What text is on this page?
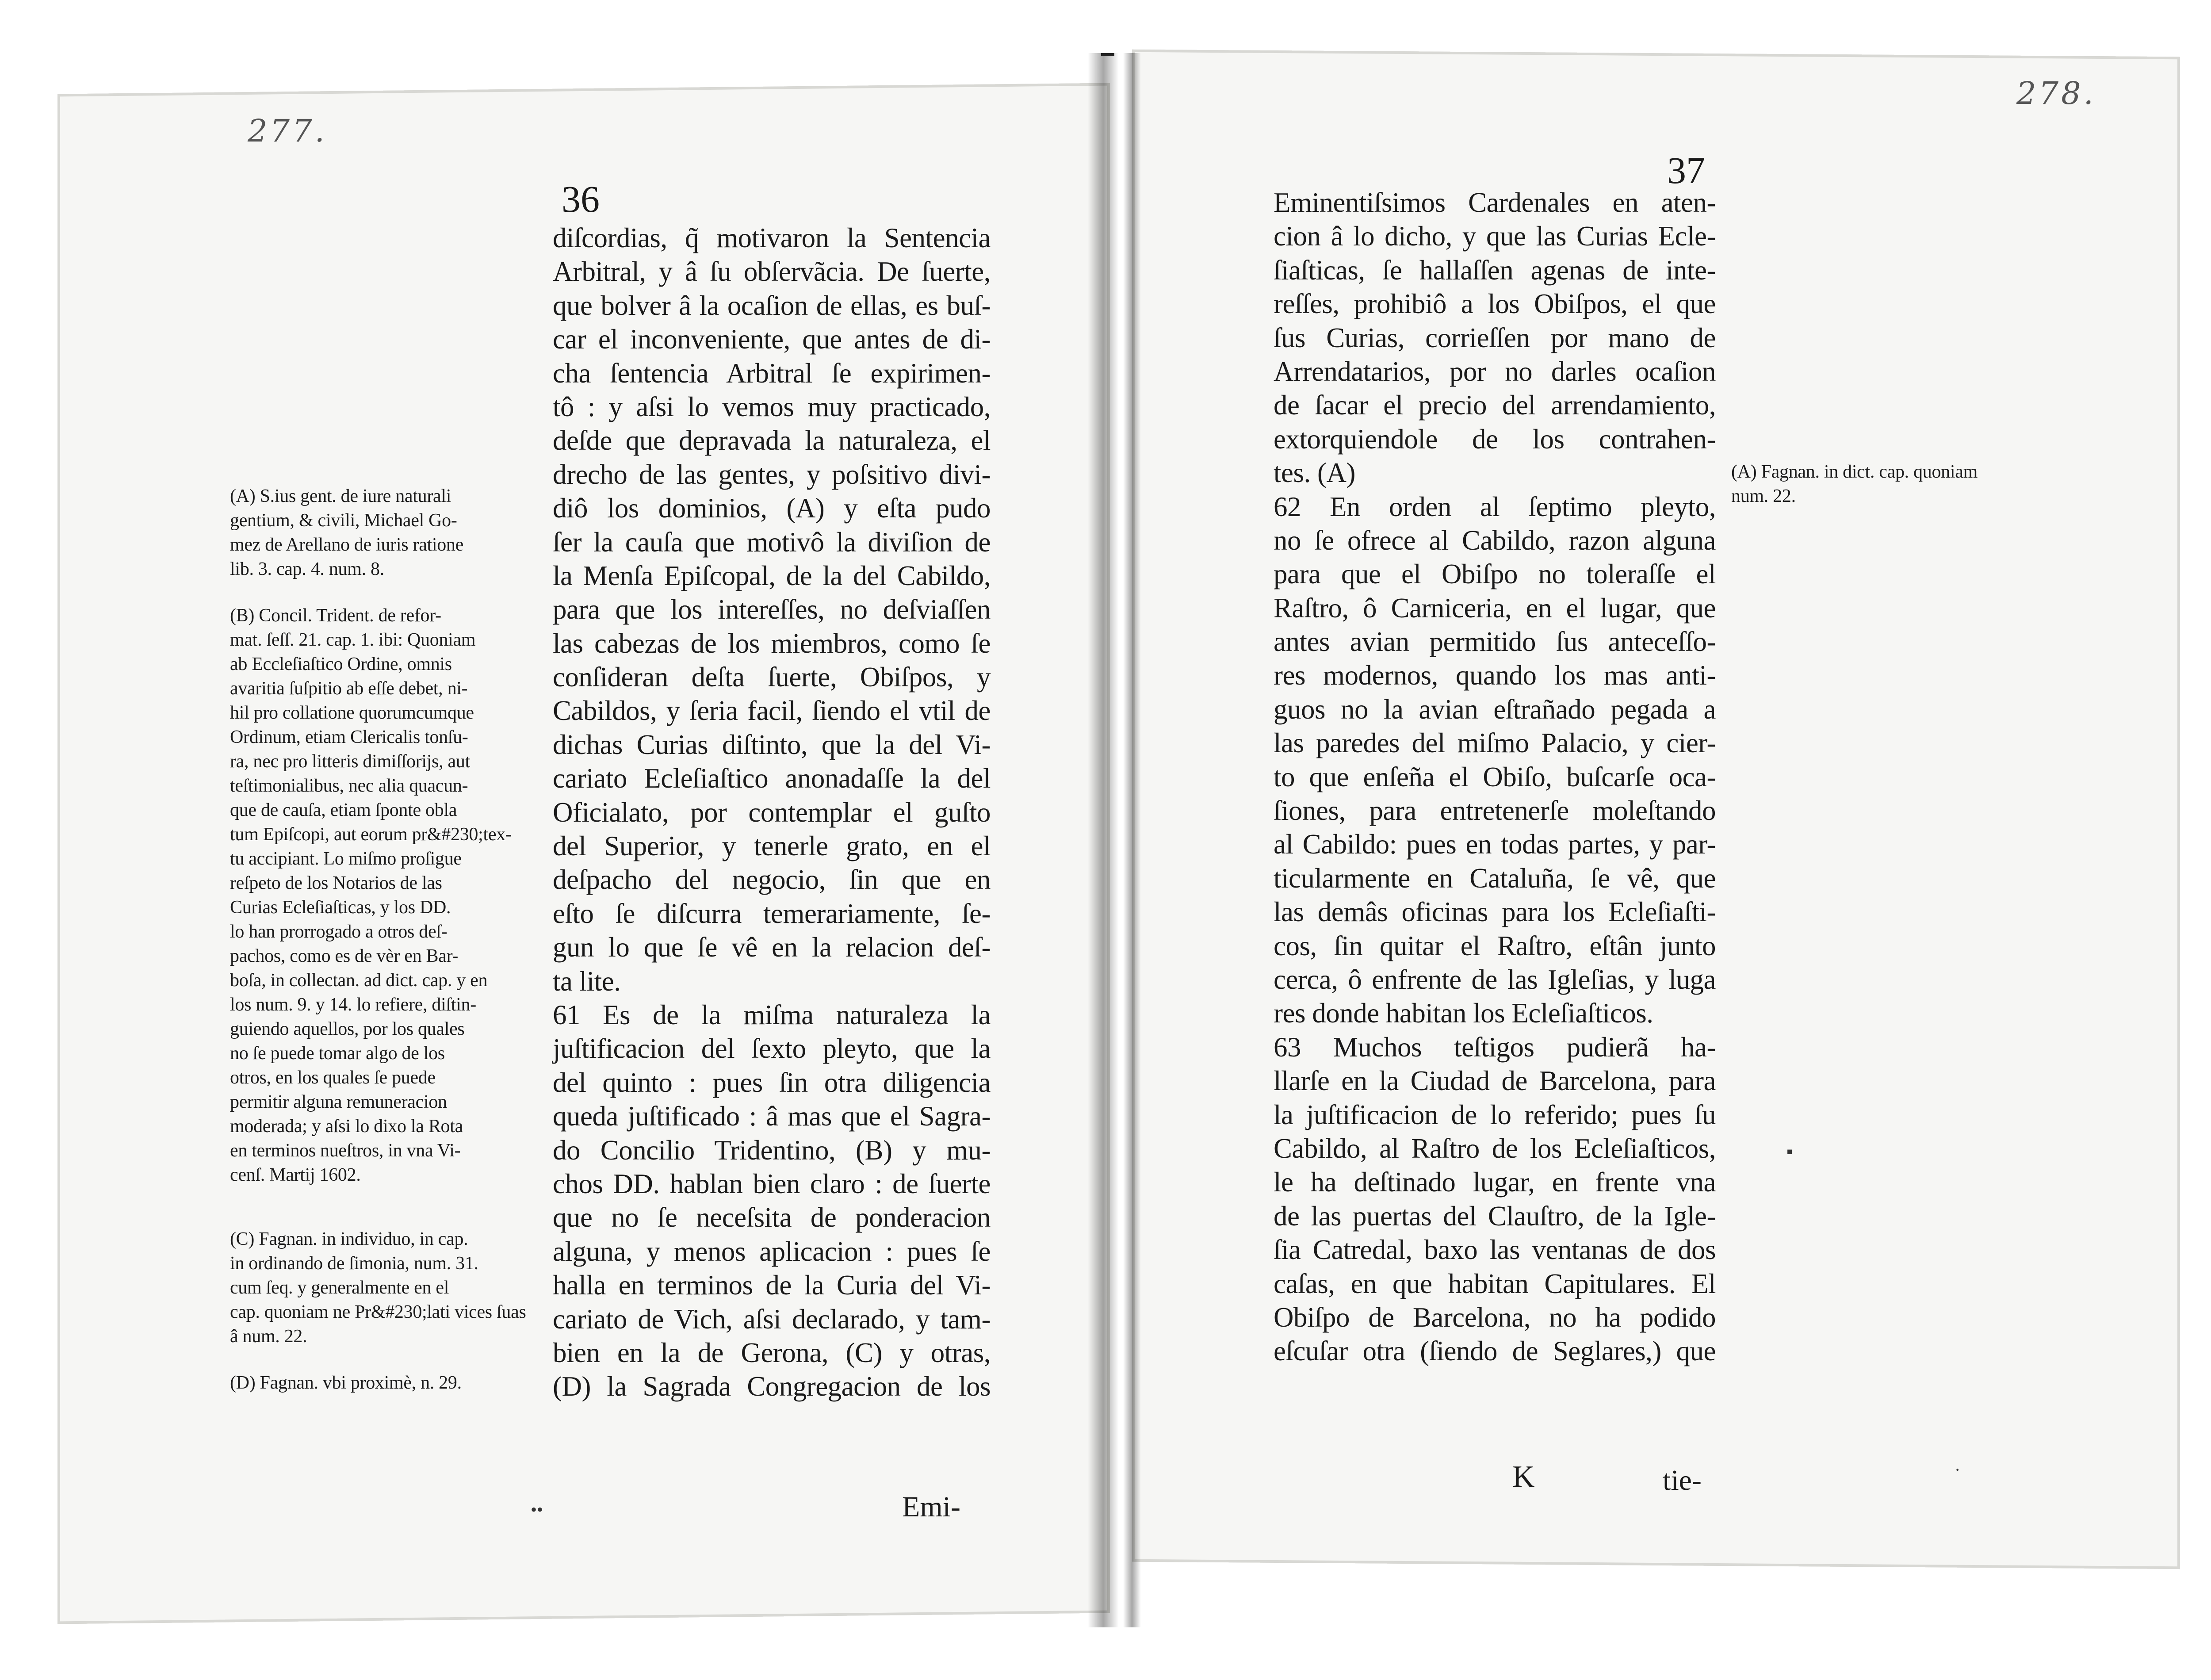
277.
36
diſcordias, q̃ motivaron la Sentencia
Arbitral, y â ſu obſervãcia. De ſuerte,
que bolver â la ocaſion de ellas, es buſ-
car el inconveniente, que antes de di-
cha ſentencia Arbitral ſe expirimen-
tô : y aſsi lo vemos muy practicado,
deſde que depravada la naturaleza, el
drecho de las gentes, y poſsitivo divi-
diô los dominios, (A) y eſta pudo
ſer la cauſa que motivô la diviſion de
la Menſa Epiſcopal, de la del Cabildo,
para que los intereſſes, no deſviaſſen
las cabezas de los miembros, como ſe
conſideran deſta ſuerte, Obiſpos, y
Cabildos, y ſeria facil, ſiendo el vtil de
dichas Curias diſtinto, que la del Vi-
cariato Ecleſiaſtico anonadaſſe la del
Oficialato, por contemplar el guſto
del Superior, y tenerle grato, en el
deſpacho del negocio, ſin que en
eſto ſe diſcurra temerariamente, ſe-
gun lo que ſe vê en la relacion deſ-
ta lite.
61 Es de la miſma naturaleza la
juſtificacion del ſexto pleyto, que la
del quinto : pues ſin otra diligencia
queda juſtificado : â mas que el Sagra-
do Concilio Tridentino, (B) y mu-
chos DD. hablan bien claro : de ſuerte
que no ſe neceſsita de ponderacion
alguna, y menos aplicacion : pues ſe
halla en terminos de la Curia del Vi-
cariato de Vich, aſsi declarado, y tam-
bien en la de Gerona, (C) y otras,
(D) la Sagrada Congregacion de los
Emi-
(A) S.ius gent. de iure naturali
gentium, & civili, Michael Go-
mez de Arellano de iuris ratione
lib. 3. cap. 4. num. 8.
(B) Concil. Trident. de refor-
mat. ſeſſ. 21. cap. 1. ibi: Quoniam
ab Eccleſiaſtico Ordine, omnis
avaritia ſuſpitio ab eſſe debet, ni-
hil pro collatione quorumcumque
Ordinum, etiam Clericalis tonſu-
ra, nec pro litteris dimiſſorijs, aut
teſtimonialibus, nec alia quacun-
que de cauſa, etiam ſponte obla
tum Epiſcopi, aut eorum pr&#230;tex-
tu accipiant. Lo miſmo proſigue
reſpeto de los Notarios de las
Curias Ecleſiaſticas, y los DD.
lo han prorrogado a otros deſ-
pachos, como es de vèr en Bar-
boſa, in collectan. ad dict. cap. y en
los num. 9. y 14. lo refiere, diſtin-
guiendo aquellos, por los quales
no ſe puede tomar algo de los
otros, en los quales ſe puede
permitir alguna remuneracion
moderada; y aſsi lo dixo la Rota
en terminos nueſtros, in vna Vi-
cenſ. Martij 1602.
(C) Fagnan. in individuo, in cap.
in ordinando de ſimonia, num. 31.
cum ſeq. y generalmente en el
cap. quoniam ne Pr&#230;lati vices ſuas
â num. 22.
(D) Fagnan. vbi proximè, n. 29.
••
278.
37
Eminentiſsimos Cardenales en aten-
cion â lo dicho, y que las Curias Ecle-
ſiaſticas, ſe hallaſſen agenas de inte-
reſſes, prohibiô a los Obiſpos, el que
ſus Curias, corrieſſen por mano de
Arrendatarios, por no darles ocaſion
de ſacar el precio del arrendamiento,
extorquiendole de los contrahen-
tes. (A)
62 En orden al ſeptimo pleyto,
no ſe ofrece al Cabildo, razon alguna
para que el Obiſpo no toleraſſe el
Raſtro, ô Carniceria, en el lugar, que
antes avian permitido ſus anteceſſo-
res modernos, quando los mas anti-
guos no la avian eſtrañado pegada a
las paredes del miſmo Palacio, y cier-
to que enſeña el Obiſo, buſcarſe oca-
ſiones, para entretenerſe moleſtando
al Cabildo: pues en todas partes, y par-
ticularmente en Cataluña, ſe vê, que
las demâs oficinas para los Ecleſiaſti-
cos, ſin quitar el Raſtro, eſtân junto
cerca, ô enfrente de las Igleſias, y luga
res donde habitan los Ecleſiaſticos.
63 Muchos teſtigos pudierã ha-
llarſe en la Ciudad de Barcelona, para
la juſtificacion de lo referido; pues ſu
Cabildo, al Raſtro de los Ecleſiaſticos,
le ha deſtinado lugar, en frente vna
de las puertas del Clauſtro, de la Igle-
ſia Catredal, baxo las ventanas de dos
caſas, en que habitan Capitulares. El
Obiſpo de Barcelona, no ha podido
eſcuſar otra (ſiendo de Seglares,) que
K	tie-
(A) Fagnan. in dict. cap. quoniam
num. 22.
▪
·
